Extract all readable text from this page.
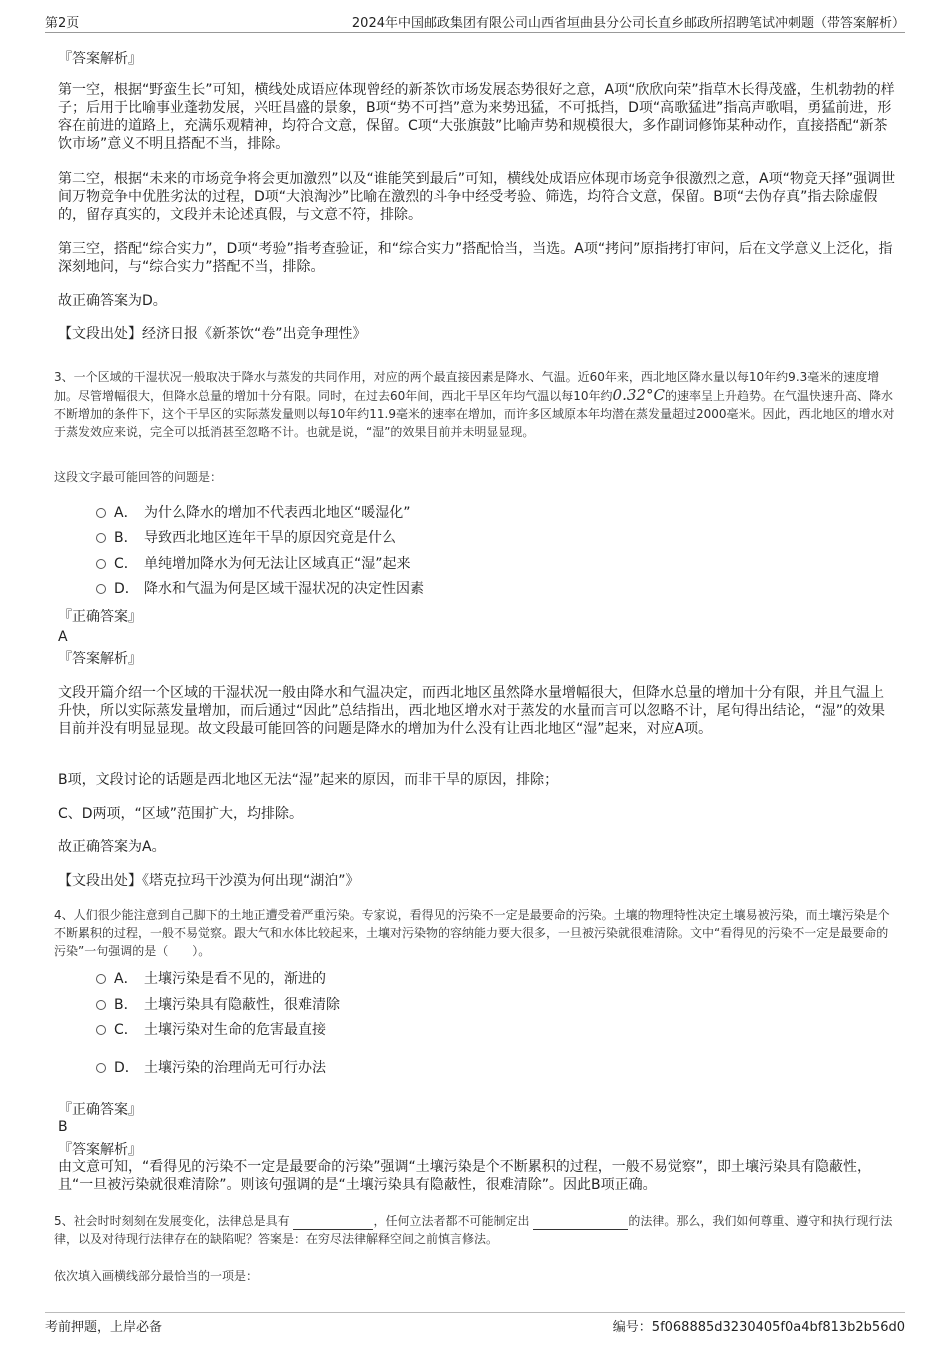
第2页	2024年中国邮政集团有限公司山西省垣曲县分公司长直乡邮政所招聘笔试冲刺题（带答案解析）
『答案解析』
第一空，根据“野蛮生长”可知，横线处成语应体现曾经的新茶饮市场发展态势很好之意，A项“欣欣向荣”指草木长得茂盛，生机勃勃的样子；后用于比喻事业蓬勃发展，兴旺昌盛的景象，B项“势不可挡”意为来势迅猛，不可抵挡，D项“高歌猛进”指高声歌唱，勇猛前进，形容在前进的道路上，充满乐观精神，均符合文意，保留。C项“大张旗鼓”比喻声势和规模很大，多作副词修饰某种动作，直接搭配“新茶饮市场”意义不明且搭配不当，排除。
第二空，根据“未来的市场竞争将会更加激烈”以及“谁能笑到最后”可知，横线处成语应体现市场竞争很激烈之意，A项“物竞天择”强调世间万物竞争中优胜劣汰的过程，D项“大浪淘沙”比喻在激烈的斗争中经受考验、筛选，均符合文意，保留。B项“去伪存真”指去除虚假的，留存真实的，文段并未论述真假，与文意不符，排除。
第三空，搭配“综合实力”，D项“考验”指考查验证，和“综合实力”搭配恰当，当选。A项“拷问”原指拷打审问，后在文学意义上泛化，指深刻地问，与“综合实力”搭配不当，排除。
故正确答案为D。
【文段出处】经济日报《新茶饮“卷”出竞争理性》
3、一个区域的干湿状况一般取决于降水与蒸发的共同作用，对应的两个最直接因素是降水、气温。近60年来，西北地区降水量以每10年约9.3毫米的速度增加。尽管增幅很大，但降水总量的增加十分有限。同时，在过去60年间，西北干旱区年均气温以每10年约0.32°C的速率呈上升趋势。在气温快速升高、降水不断增加的条件下，这个干旱区的实际蒸发量则以每10年约11.9毫米的速率在增加，而许多区域原本年均潜在蒸发量超过2000毫米。因此，西北地区的增水对于蒸发效应来说，完全可以抵消甚至忽略不计。也就是说，“湿”的效果目前并未明显显现。
这段文字最可能回答的问题是：
A． 为什么降水的增加不代表西北地区“暖湿化”
B． 导致西北地区连年干旱的原因究竟是什么
C． 单纯增加降水为何无法让区域真正“湿”起来
D． 降水和气温为何是区域干湿状况的决定性因素
『正确答案』
A
『答案解析』
文段开篇介绍一个区域的干湿状况一般由降水和气温决定，而西北地区虽然降水量增幅很大，但降水总量的增加十分有限，并且气温上升快，所以实际蒸发量增加，而后通过“因此”总结指出，西北地区增水对于蒸发的水量而言可以忽略不计，尾句得出结论，“湿”的效果目前并没有明显显现。故文段最可能回答的问题是降水的增加为什么没有让西北地区“湿”起来，对应A项。
B项，文段讨论的话题是西北地区无法“湿”起来的原因，而非干旱的原因，排除；
C、D两项，“区域”范围扩大，均排除。
故正确答案为A。
【文段出处】《塔克拉玛干沙漠为何出现“湖泊”》
4、人们很少能注意到自己脚下的土地正遭受着严重污染。专家说，看得见的污染不一定是最要命的污染。土壤的物理特性决定土壤易被污染，而土壤污染是个不断累积的过程，一般不易觉察。跟大气和水体比较起来，土壤对污染物的容纳能力要大很多，一旦被污染就很难清除。文中“看得见的污染不一定是最要命的污染”一句强调的是（　　）。
A． 土壤污染是看不见的，渐进的
B． 土壤污染具有隐蔽性，很难清除
C． 土壤污染对生命的危害最直接
D． 土壤污染的治理尚无可行办法
『正确答案』
B
『答案解析』
由文意可知，“看得见的污染不一定是最要命的污染”强调“土壤污染是个不断累积的过程，一般不易觉察”，即土壤污染具有隐蔽性，且“一旦被污染就很难清除”。则该句强调的是“土壤污染具有隐蔽性，很难清除”。因此B项正确。
5、社会时时刻刻在发展变化，法律总是具有	，任何立法者都不可能制定出	的法律。那么，我们如何尊重、遵守和执行现行法律，以及对待现行法律存在的缺陷呢？答案是：在穷尽法律解释空间之前慎言修法。
依次填入画横线部分最恰当的一项是：
考前押题，上岸必备	编号：5f068885d3230405f0a4bf813b2b56d0
